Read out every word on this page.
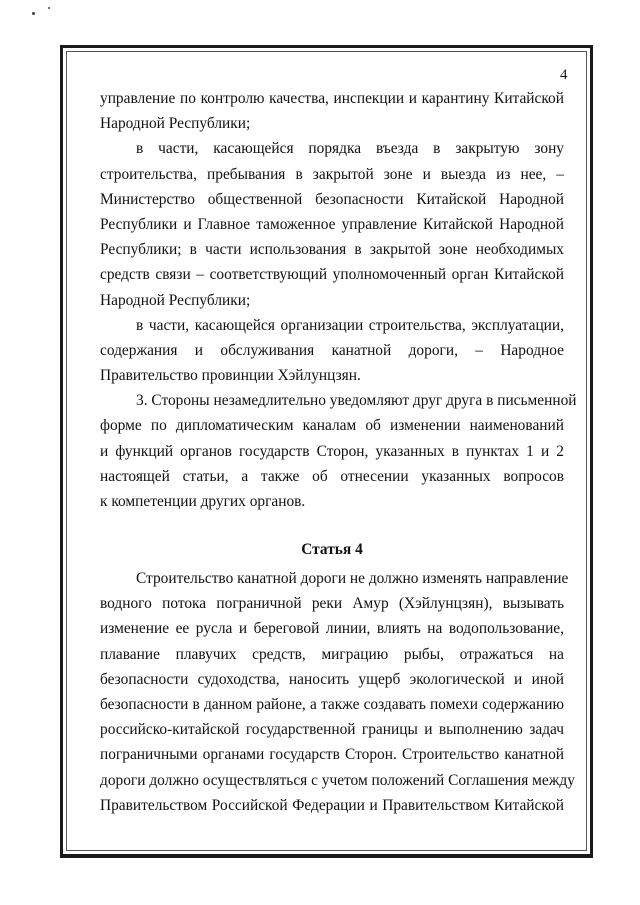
4
управление по контролю качества, инспекции и карантину Китайской
Народной Республики;
в части, касающейся порядка въезда в закрытую зону
строительства, пребывания в закрытой зоне и выезда из нее, –
Министерство общественной безопасности Китайской Народной
Республики и Главное таможенное управление Китайской Народной
Республики; в части использования в закрытой зоне необходимых
средств связи – соответствующий уполномоченный орган Китайской
Народной Республики;
в части, касающейся организации строительства, эксплуатации,
содержания и обслуживания канатной дороги, – Народное
Правительство провинции Хэйлунцзян.
3. Стороны незамедлительно уведомляют друг друга в письменной
форме по дипломатическим каналам об изменении наименований
и функций органов государств Сторон, указанных в пунктах 1 и 2
настоящей статьи, а также об отнесении указанных вопросов
к компетенции других органов.
Статья 4
Строительство канатной дороги не должно изменять направление
водного потока пограничной реки Амур (Хэйлунцзян), вызывать
изменение ее русла и береговой линии, влиять на водопользование,
плавание плавучих средств, миграцию рыбы, отражаться на
безопасности судоходства, наносить ущерб экологической и иной
безопасности в данном районе, а также создавать помехи содержанию
российско-китайской государственной границы и выполнению задач
пограничными органами государств Сторон. Строительство канатной
дороги должно осуществляться с учетом положений Соглашения между
Правительством Российской Федерации и Правительством Китайской
